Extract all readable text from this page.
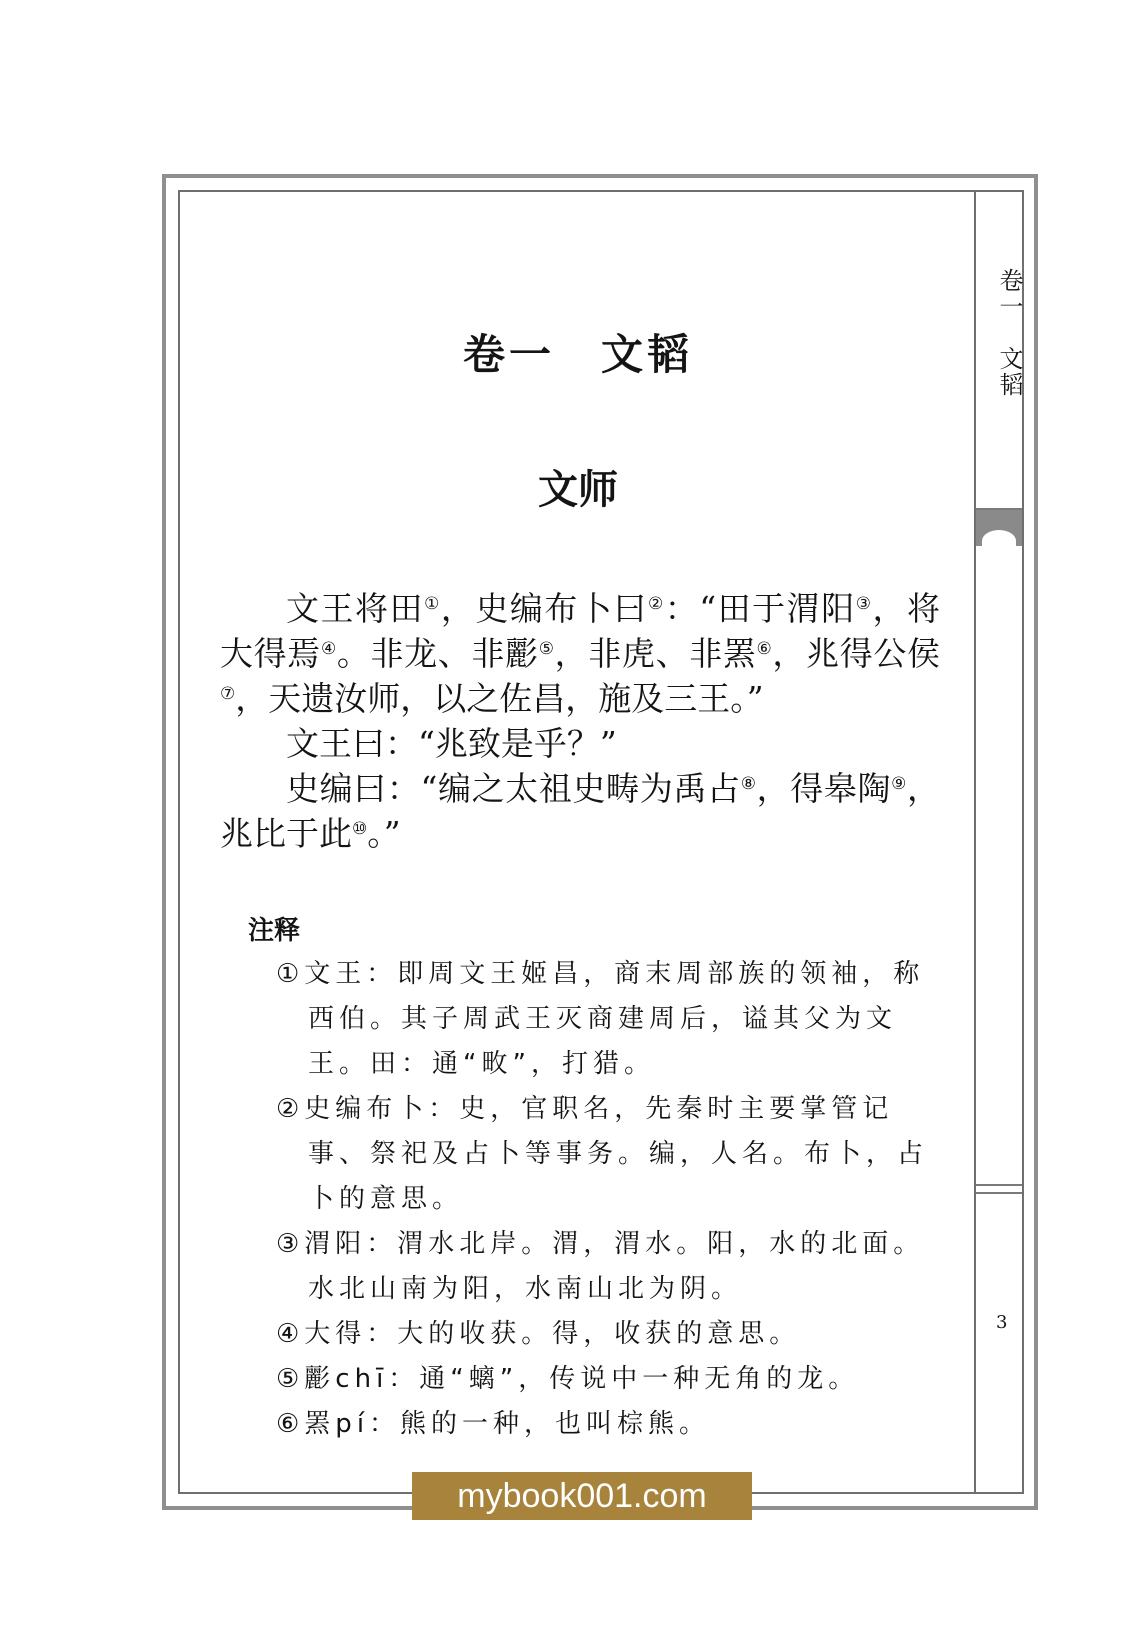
卷一　文韬
3
卷一　文韬
文师

文王将田①，史编布卜曰②：“田于渭阳③，将大得焉④。非龙、非彲⑤，非虎、非罴⑥，兆得公侯⑦，天遗汝师，以之佐昌，施及三王。”

文王曰：“兆致是乎？”

史编曰：“编之太祖史畴为禹占⑧，得皋陶⑨，兆比于此⑩。”

注释

①文王：即周文王姬昌，商末周部族的领袖，称西伯。其子周武王灭商建周后，谥其父为文王。田：通“畋”，打猎。

②史编布卜：史，官职名，先秦时主要掌管记事、祭祀及占卜等事务。编，人名。布卜，占卜的意思。

③渭阳：渭水北岸。渭，渭水。阳，水的北面。水北山南为阳，水南山北为阴。

④大得：大的收获。得，收获的意思。

⑤彲chī：通“螭”，传说中一种无角的龙。

⑥罴pí：熊的一种，也叫棕熊。

mybook001.com
